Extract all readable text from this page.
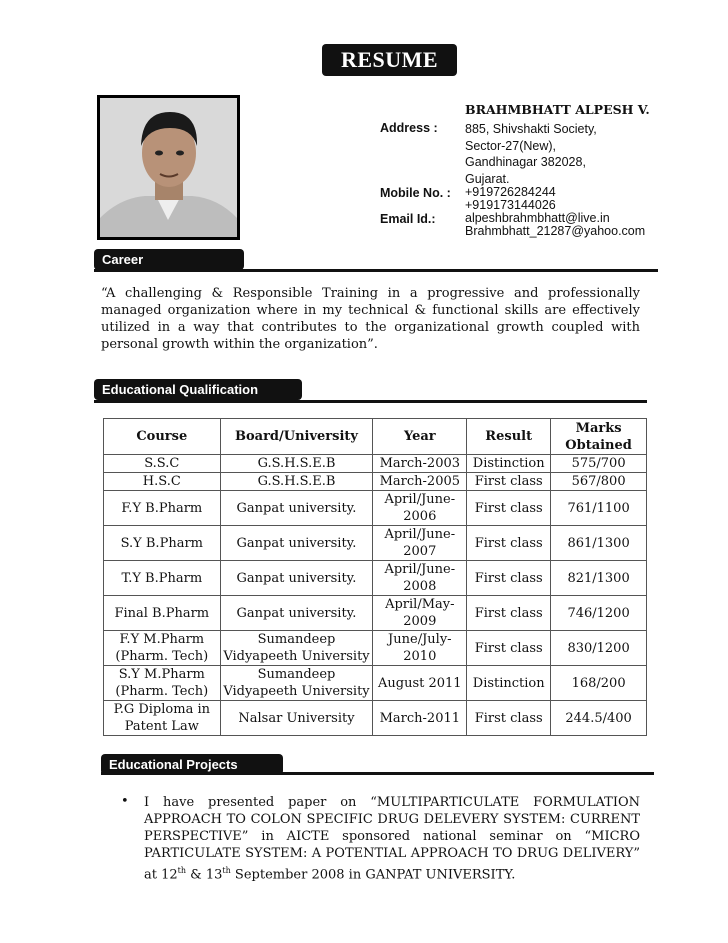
RESUME
BRAHMBHATT ALPESH V.
Address : 885, Shivshakti Society,
Sector-27(New),
Gandhinagar 382028,
Gujarat.
Mobile No. : +919726284244
+919173144026
Email Id.: alpeshbrahmbhatt@live.in
Brahmbhatt_21287@yahoo.com
Career
“A challenging & Responsible Training in a progressive and professionally managed organization where in my technical & functional skills are effectively utilized in a way that contributes to the organizational growth coupled with personal growth within the organization”.
Educational Qualification
Course	Board/University	Year	Result	Marks Obtained
S.S.C	G.S.H.S.E.B	March-2003	Distinction	575/700
H.S.C	G.S.H.S.E.B	March-2005	First class	567/800
F.Y B.Pharm	Ganpat university.	April/June-2006	First class	761/1100
S.Y B.Pharm	Ganpat university.	April/June-2007	First class	861/1300
T.Y B.Pharm	Ganpat university.	April/June-2008	First class	821/1300
Final B.Pharm	Ganpat university.	April/May-2009	First class	746/1200
F.Y M.Pharm (Pharm. Tech)	Sumandeep Vidyapeeth University	June/July-2010	First class	830/1200
S.Y M.Pharm (Pharm. Tech)	Sumandeep Vidyapeeth University	August 2011	Distinction	168/200
P.G Diploma in Patent Law	Nalsar University	March-2011	First class	244.5/400
Educational Projects
• I have presented paper on “MULTIPARTICULATE FORMULATION APPROACH TO COLON SPECIFIC DRUG DELEVERY SYSTEM: CURRENT PERSPECTIVE” in AICTE sponsored national seminar on “MICRO PARTICULATE SYSTEM: A POTENTIAL APPROACH TO DRUG DELIVERY” at 12th & 13th September 2008 in GANPAT UNIVERSITY.
